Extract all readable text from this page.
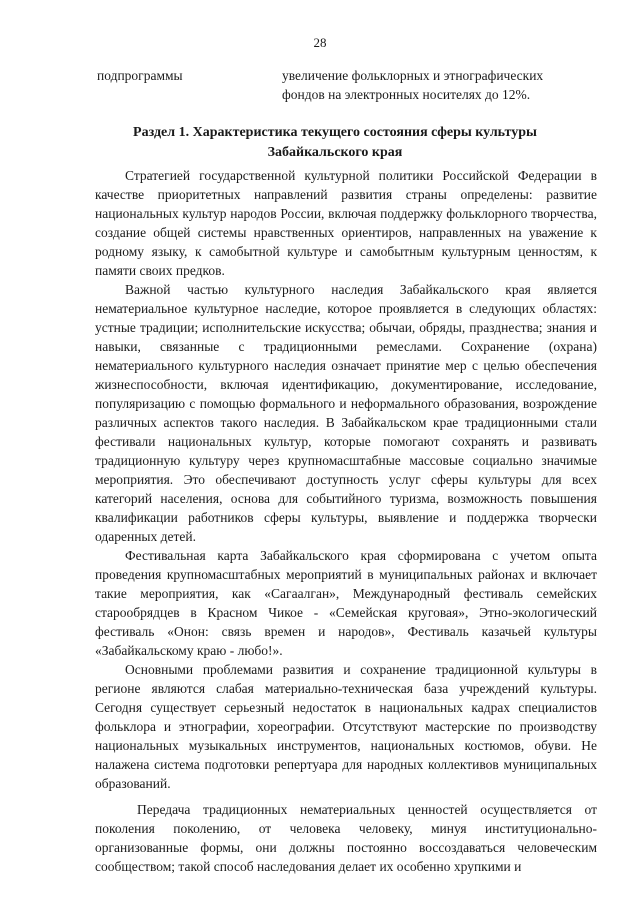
28
подпрограммы	увеличение фольклорных и этнографических фондов на электронных носителях до 12%.
Раздел 1. Характеристика текущего состояния сферы культуры
Забайкальского края

Стратегией государственной культурной политики Российской Федерации в качестве приоритетных направлений развития страны определены: развитие национальных культур народов России, включая поддержку фольклорного творчества, создание общей системы нравственных ориентиров, направленных на уважение к родному языку, к самобытной культуре и самобытным культурным ценностям, к памяти своих предков.

Важной частью культурного наследия Забайкальского края является нематериальное культурное наследие, которое проявляется в следующих областях: устные традиции; исполнительские искусства; обычаи, обряды, празднества; знания и навыки, связанные с традиционными ремеслами. Сохранение (охрана) нематериального культурного наследия означает принятие мер с целью обеспечения жизнеспособности, включая идентификацию, документирование, исследование, популяризацию с помощью формального и неформального образования, возрождение различных аспектов такого наследия. В Забайкальском крае традиционными стали фестивали национальных культур, которые помогают сохранять и развивать традиционную культуру через крупномасштабные массовые социально значимые мероприятия. Это обеспечивают доступность услуг сферы культуры для всех категорий населения, основа для событийного туризма, возможность повышения квалификации работников сферы культуры, выявление и поддержка творчески одаренных детей.

Фестивальная карта Забайкальского края сформирована с учетом опыта проведения крупномасштабных мероприятий в муниципальных районах и включает такие мероприятия, как «Сагаалган», Международный фестиваль семейских старообрядцев в Красном Чикое - «Семейская круговая», Этно-экологический фестиваль «Онон: связь времен и народов», Фестиваль казачьей культуры «Забайкальскому краю - любо!».

Основными проблемами развития и сохранение традиционной культуры в регионе являются слабая материально-техническая база учреждений культуры. Сегодня существует серьезный недостаток в национальных кадрах специалистов фольклора и этнографии, хореографии. Отсутствуют мастерские по производству национальных музыкальных инструментов, национальных костюмов, обуви. Не налажена система подготовки репертуара для народных коллективов муниципальных образований.

Передача традиционных нематериальных ценностей осуществляется от поколения поколению, от человека человеку, минуя институционально-организованные формы, они должны постоянно воссоздаваться человеческим сообществом; такой способ наследования делает их особенно хрупкими и
